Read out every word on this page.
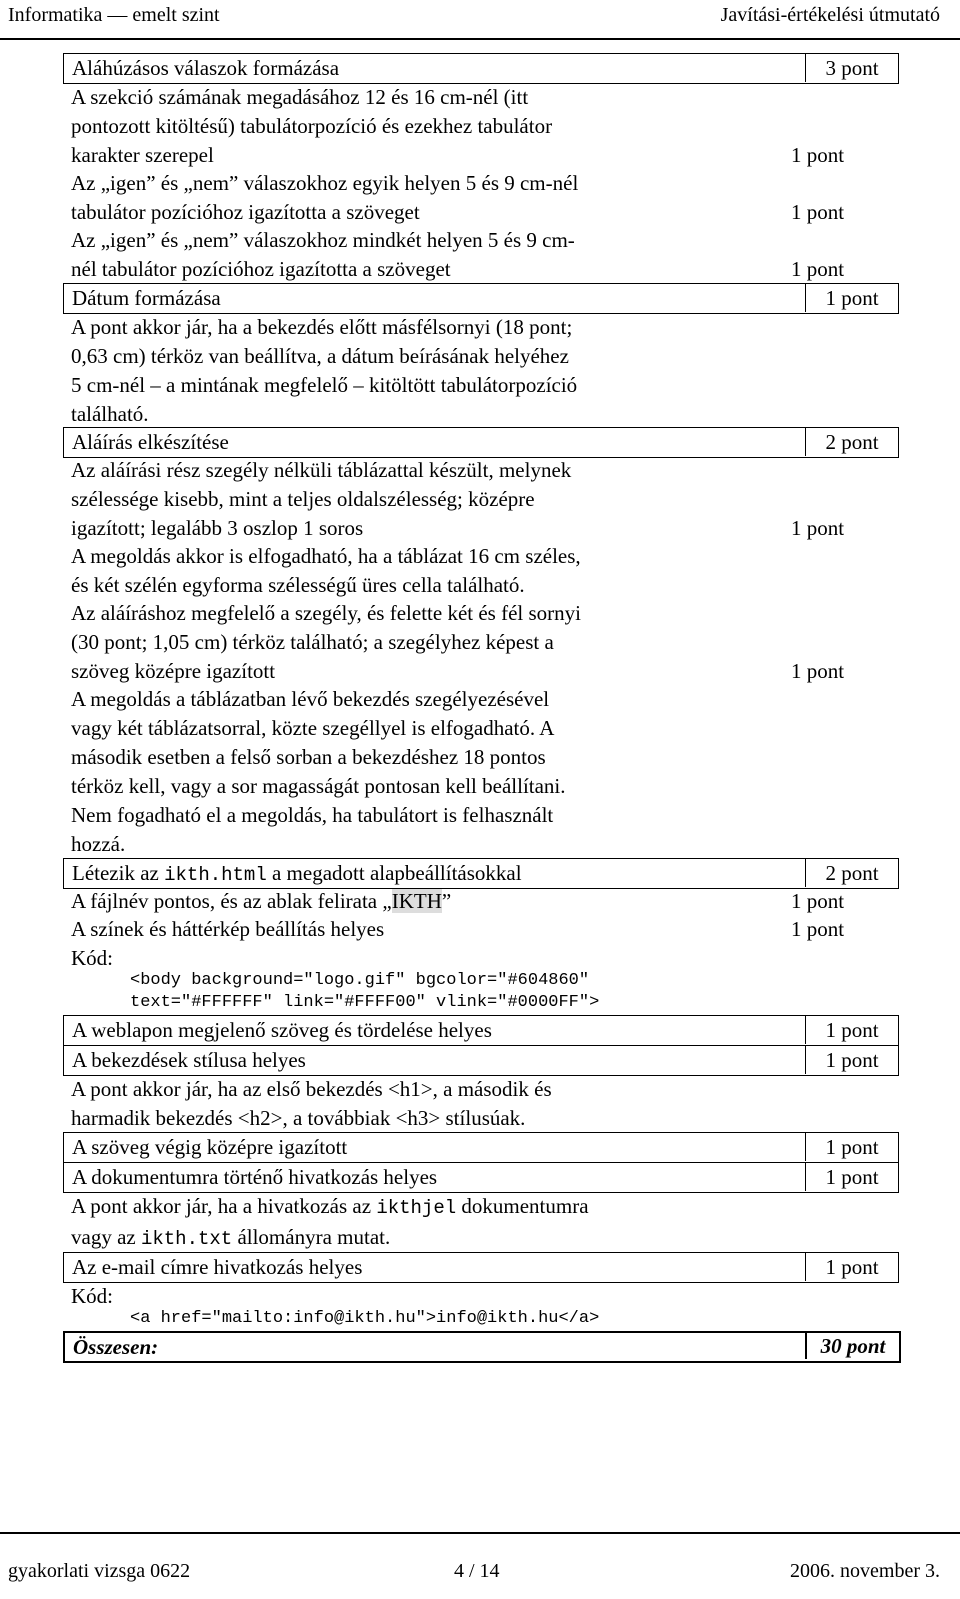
Informatika — emelt szint	Javítási-értékelési útmutató
Aláhúzásos válaszok formázása	3 pont
A szekció számának megadásához 12 és 16 cm-nél (itt
pontozott kitöltésű) tabulátorpozíció és ezekhez tabulátor
karakter szerepel	1 pont
Az „igen” és „nem” válaszokhoz egyik helyen 5 és 9 cm-nél
tabulátor pozícióhoz igazította a szöveget	1 pont
Az „igen” és „nem” válaszokhoz mindkét helyen 5 és 9 cm-
nél tabulátor pozícióhoz igazította a szöveget	1 pont
Dátum formázása	1 pont
A pont akkor jár, ha a bekezdés előtt másfélsornyi (18 pont;
0,63 cm) térköz van beállítva, a dátum beírásának helyéhez
5 cm-nél – a mintának megfelelő – kitöltött tabulátorpozíció
található.
Aláírás elkészítése	2 pont
Az aláírási rész szegély nélküli táblázattal készült, melynek
szélessége kisebb, mint a teljes oldalszélesség; középre
igazított; legalább 3 oszlop 1 soros	1 pont
A megoldás akkor is elfogadható, ha a táblázat 16 cm széles,
és két szélén egyforma szélességű üres cella található.
Az aláíráshoz megfelelő a szegély, és felette két és fél sornyi
(30 pont; 1,05 cm) térköz található; a szegélyhez képest a
szöveg középre igazított	1 pont
A megoldás a táblázatban lévő bekezdés szegélyezésével
vagy két táblázatsorral, közte szegéllyel is elfogadható. A
második esetben a felső sorban a bekezdéshez 18 pontos
térköz kell, vagy a sor magasságát pontosan kell beállítani.
Nem fogadható el a megoldás, ha tabulátort is felhasznált
hozzá.
Létezik az ikth.html a megadott alapbeállításokkal	2 pont
A fájlnév pontos, és az ablak felirata „IKTH”	1 pont
A színek és háttérkép beállítás helyes	1 pont
Kód:
<body background="logo.gif" bgcolor="#604860"
text="#FFFFFF" link="#FFFF00" vlink="#0000FF">
A weblapon megjelenő szöveg és tördelése helyes	1 pont
A bekezdések stílusa helyes	1 pont
A pont akkor jár, ha az első bekezdés <h1>, a második és
harmadik bekezdés <h2>, a továbbiak <h3> stílusúak.
A szöveg végig középre igazított	1 pont
A dokumentumra történő hivatkozás helyes	1 pont
A pont akkor jár, ha a hivatkozás az ikthjel dokumentumra
vagy az ikth.txt állományra mutat.
Az e-mail címre hivatkozás helyes	1 pont
Kód:
<a href="mailto:info@ikth.hu">info@ikth.hu</a>
Összesen:	30 pont
gyakorlati vizsga 0622	4 / 14	2006. november 3.
